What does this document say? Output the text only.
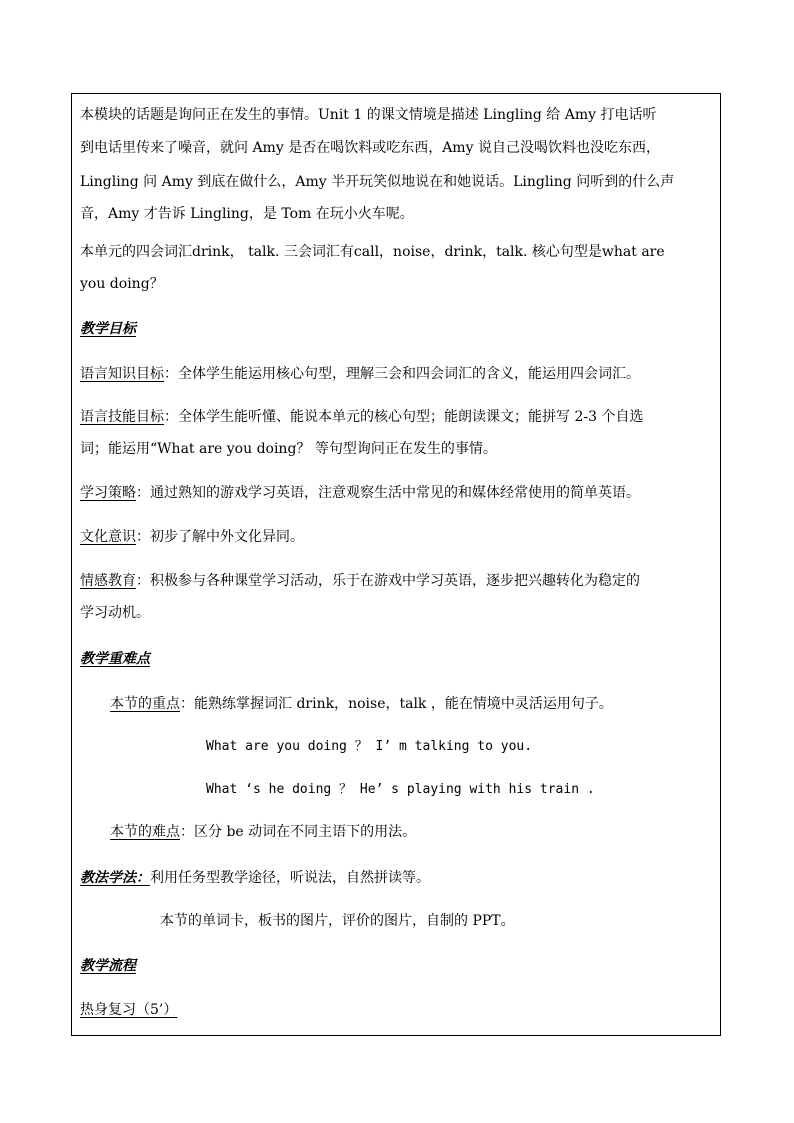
本模块的话题是询问正在发生的事情。Unit 1 的课文情境是描述 Lingling 给 Amy 打电话听
到电话里传来了噪音，就问 Amy 是否在喝饮料或吃东西，Amy 说自己没喝饮料也没吃东西，
Lingling 问 Amy 到底在做什么，Amy 半开玩笑似地说在和她说话。Lingling 问听到的什么声
音，Amy 才告诉 Lingling，是 Tom 在玩小火车呢。
本单元的四会词汇drink， talk. 三会词汇有call，noise，drink，talk. 核心句型是what are
you doing？
教学目标
语言知识目标：全体学生能运用核心句型，理解三会和四会词汇的含义，能运用四会词汇。
语言技能目标：全体学生能听懂、能说本单元的核心句型；能朗读课文；能拼写 2-3 个自选
词；能运用“What are you doing？ 等句型询问正在发生的事情。
学习策略：通过熟知的游戏学习英语，注意观察生活中常见的和媒体经常使用的简单英语。
文化意识：初步了解中外文化异同。
情感教育：积极参与各种课堂学习活动，乐于在游戏中学习英语，逐步把兴趣转化为稳定的
学习动机。
教学重难点
本节的重点：能熟练掌握词汇 drink，noise，talk ，能在情境中灵活运用句子。
What are you doing ？ I’ m talking to you.
What ‘s he doing ？ He’ s playing with his train .
本节的难点：区分 be 动词在不同主语下的用法。
教法学法：利用任务型教学途径，听说法，自然拼读等。
本节的单词卡，板书的图片，评价的图片，自制的 PPT。
教学流程
热身复习（5’）
